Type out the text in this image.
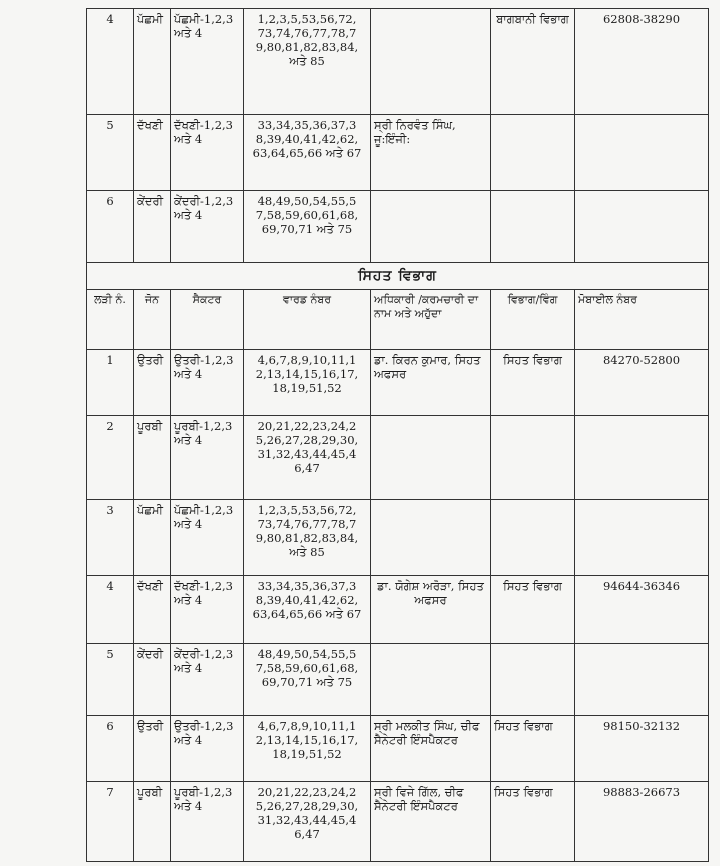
4	ਪੱਛਮੀ	ਪੱਛਮੀ-1,2,3 ਅਤੇ 4	1,2,3,5,53,56,72, 73,74,76,77,78,7 9,80,81,82,83,84, ਅਤੇ 85		ਬਾਗਬਾਨੀ ਵਿਭਾਗ	62808-38290
5	ਦੱਖਣੀ	ਦੱਖਣੀ-1,2,3 ਅਤੇ 4	33,34,35,36,37,3 8,39,40,41,42,62, 63,64,65,66 ਅਤੇ 67	ਸ੍ਰੀ ਨਿਰਵੰਤ ਸਿੰਘ, ਜੂ:ਇੰਜੀ:		
6	ਕੇਂਦਰੀ	ਕੇਂਦਰੀ-1,2,3 ਅਤੇ 4	48,49,50,54,55,5 7,58,59,60,61,68, 69,70,71 ਅਤੇ 75			
ਸਿਹਤ ਵਿਭਾਗ						
ਲੜੀ ਨੰ.	ਜੋਨ	ਸੈਕਟਰ	ਵਾਰਡ ਨੰਬਰ	ਅਧਿਕਾਰੀ /ਕਰਮਚਾਰੀ ਦਾ ਨਾਮ ਅਤੇ ਅਹੁੱਦਾ	ਵਿਭਾਗ/ਵਿੰਗ	ਮੋਬਾਈਲ ਨੰਬਰ
1	ਉਤਰੀ	ਉਤਰੀ-1,2,3 ਅਤੇ 4	4,6,7,8,9,10,11,1 2,13,14,15,16,17, 18,19,51,52	ਡਾ. ਕਿਰਨ ਕੁਮਾਰ, ਸਿਹਤ ਅਫਸਰ	ਸਿਹਤ ਵਿਭਾਗ	84270-52800
2	ਪੂਰਬੀ	ਪੂਰਬੀ-1,2,3 ਅਤੇ 4	20,21,22,23,24,2 5,26,27,28,29,30, 31,32,43,44,45,4 6,47			
3	ਪੱਛਮੀ	ਪੱਛਮੀ-1,2,3 ਅਤੇ 4	1,2,3,5,53,56,72, 73,74,76,77,78,7 9,80,81,82,83,84, ਅਤੇ 85			
4	ਦੱਖਣੀ	ਦੱਖਣੀ-1,2,3 ਅਤੇ 4	33,34,35,36,37,3 8,39,40,41,42,62, 63,64,65,66 ਅਤੇ 67	ਡਾ. ਯੋਗੇਸ਼ ਅਰੋੜਾ, ਸਿਹਤ ਅਫਸਰ	ਸਿਹਤ ਵਿਭਾਗ	94644-36346
5	ਕੇਂਦਰੀ	ਕੇਂਦਰੀ-1,2,3 ਅਤੇ 4	48,49,50,54,55,5 7,58,59,60,61,68, 69,70,71 ਅਤੇ 75			
6	ਉਤਰੀ	ਉਤਰੀ-1,2,3 ਅਤੇ 4	4,6,7,8,9,10,11,1 2,13,14,15,16,17, 18,19,51,52	ਸ੍ਰੀ ਮਲਕੀਤ ਸਿੰਘ, ਚੀਫ ਸੈਨੇਟਰੀ ਇੰਸਪੈਕਟਰ	ਸਿਹਤ ਵਿਭਾਗ	98150-32132
7	ਪੂਰਬੀ	ਪੂਰਬੀ-1,2,3 ਅਤੇ 4	20,21,22,23,24,2 5,26,27,28,29,30, 31,32,43,44,45,4 6,47	ਸ੍ਰੀ ਵਿਜੇ ਗਿੱਲ, ਚੀਫ ਸੈਨੇਟਰੀ ਇੰਸਪੈਕਟਰ	ਸਿਹਤ ਵਿਭਾਗ	98883-26673
